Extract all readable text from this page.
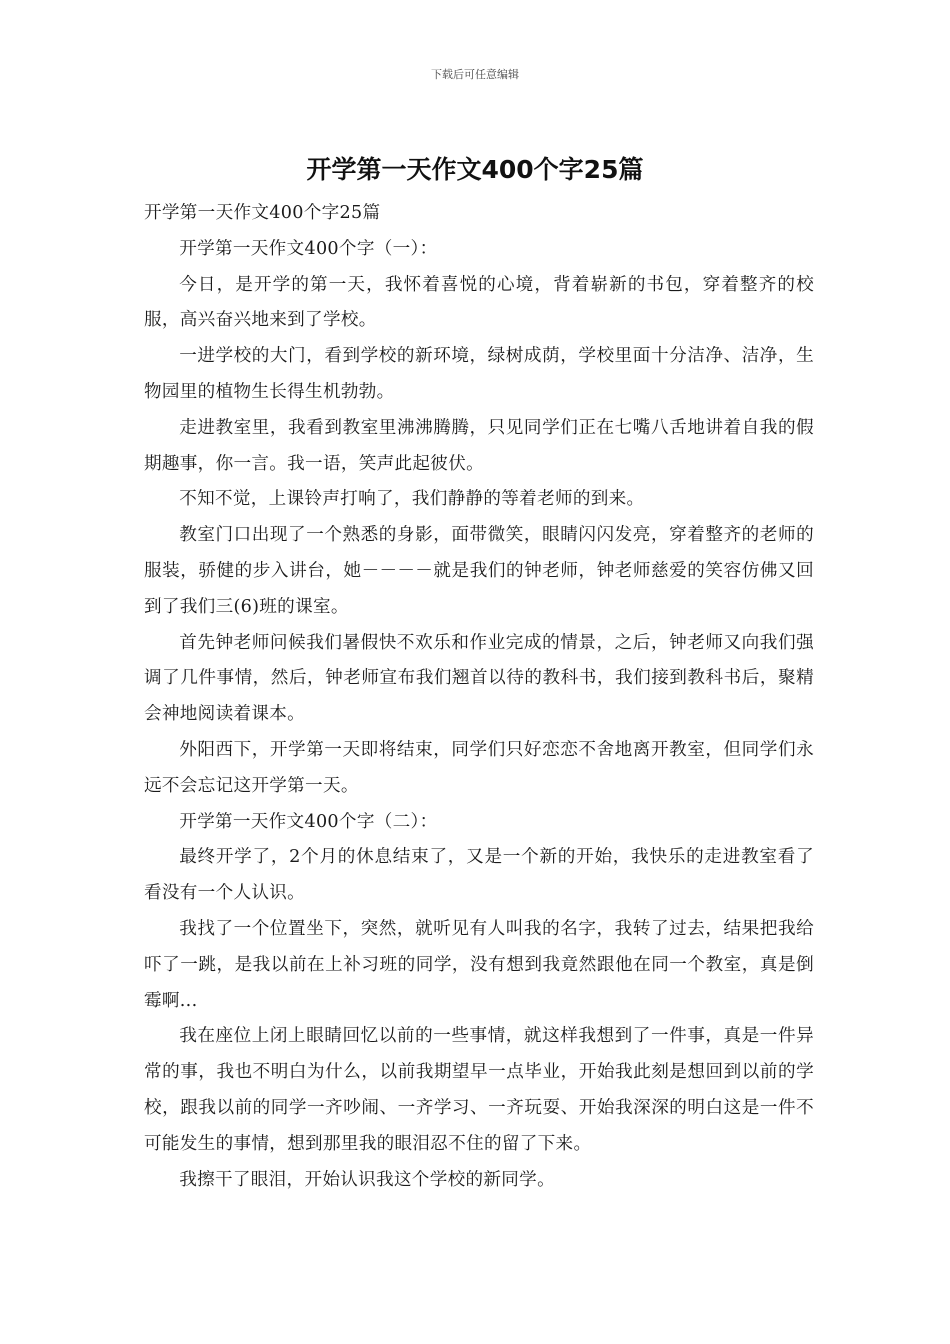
下载后可任意编辑
开学第一天作文400个字25篇

开学第一天作文400个字25篇

开学第一天作文400个字（一）：

今日，是开学的第一天，我怀着喜悦的心境，背着崭新的书包，穿着整齐的校服，高兴奋兴地来到了学校。

一进学校的大门，看到学校的新环境，绿树成荫，学校里面十分洁净、洁净，生物园里的植物生长得生机勃勃。

走进教室里，我看到教室里沸沸腾腾，只见同学们正在七嘴八舌地讲着自我的假期趣事，你一言。我一语，笑声此起彼伏。

不知不觉，上课铃声打响了，我们静静的等着老师的到来。

教室门口出现了一个熟悉的身影，面带微笑，眼睛闪闪发亮，穿着整齐的老师的服装，骄健的步入讲台，她－－－－就是我们的钟老师，钟老师慈爱的笑容仿佛又回到了我们三(6)班的课室。

首先钟老师问候我们暑假快不欢乐和作业完成的情景，之后，钟老师又向我们强调了几件事情，然后，钟老师宣布我们翘首以待的教科书，我们接到教科书后，聚精会神地阅读着课本。

外阳西下，开学第一天即将结束，同学们只好恋恋不舍地离开教室，但同学们永远不会忘记这开学第一天。

开学第一天作文400个字（二）：

最终开学了，2个月的休息结束了，又是一个新的开始，我快乐的走进教室看了看没有一个人认识。

我找了一个位置坐下，突然，就听见有人叫我的名字，我转了过去，结果把我给吓了一跳，是我以前在上补习班的同学，没有想到我竟然跟他在同一个教室，真是倒霉啊...

我在座位上闭上眼睛回忆以前的一些事情，就这样我想到了一件事，真是一件异常的事，我也不明白为什么，以前我期望早一点毕业，开始我此刻是想回到以前的学校，跟我以前的同学一齐吵闹、一齐学习、一齐玩耍、开始我深深的明白这是一件不可能发生的事情，想到那里我的眼泪忍不住的留了下来。

我擦干了眼泪，开始认识我这个学校的新同学。
